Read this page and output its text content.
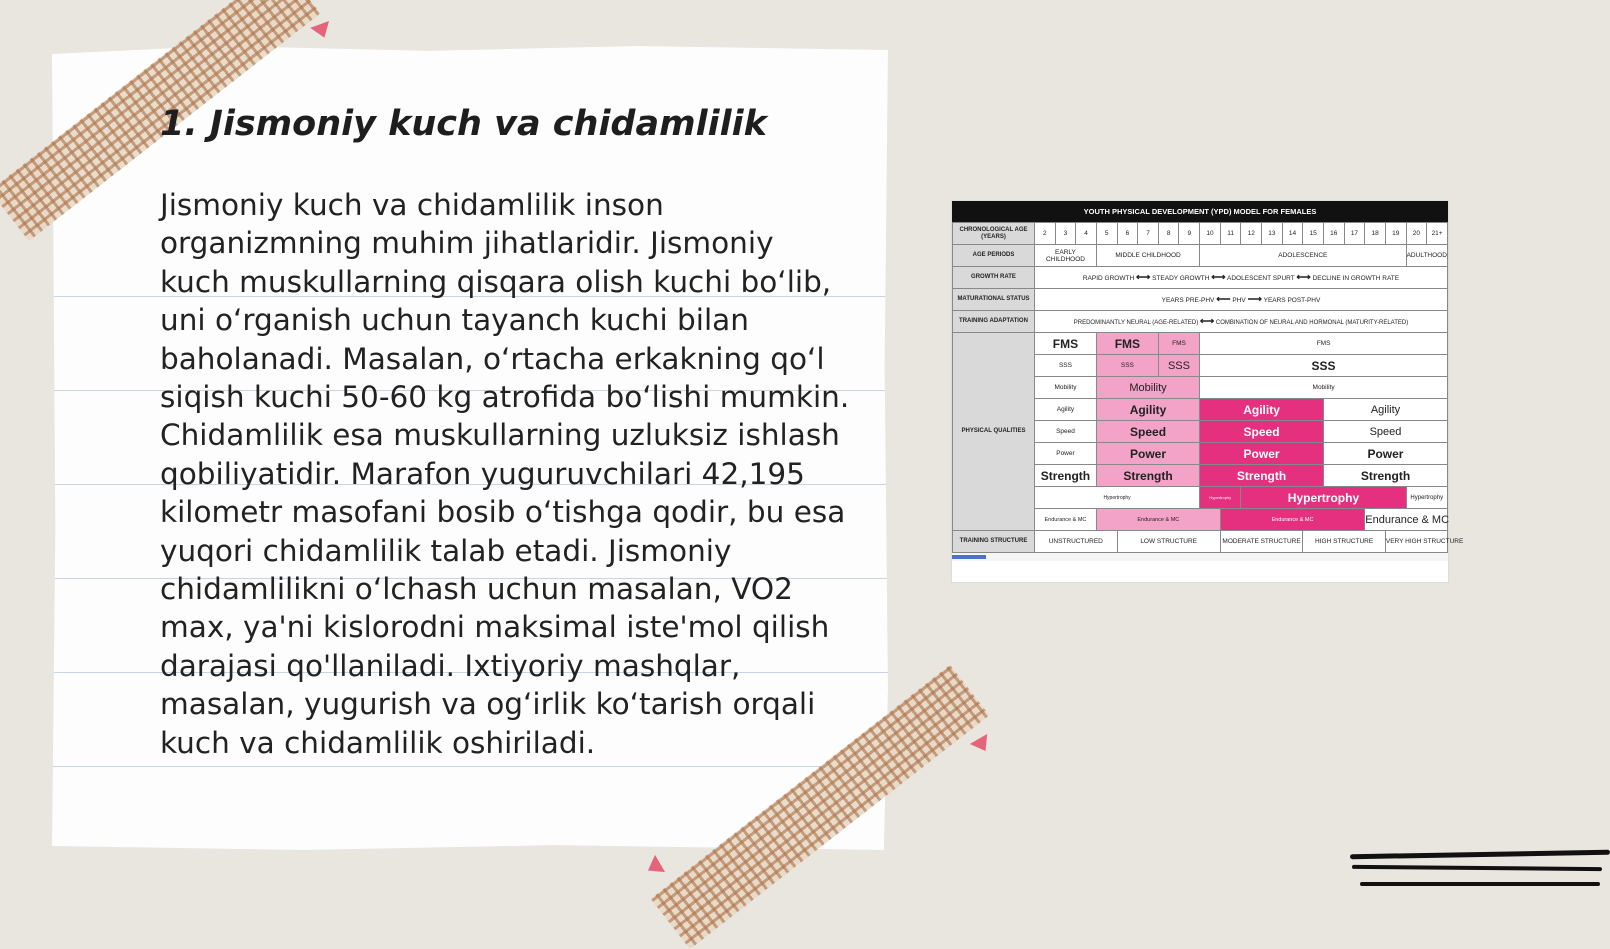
1. Jismoniy kuch va chidamlilik

Jismoniy kuch va chidamlilik inson organizmning muhim jihatlaridir. Jismoniy kuch muskullarning qisqara olish kuchi bo‘lib, uni o‘rganish uchun tayanch kuchi bilan baholanadi. Masalan, o‘rtacha erkakning qo‘l siqish kuchi 50-60 kg atrofida bo‘lishi mumkin. Chidamlilik esa muskullarning uzluksiz ishlash qobiliyatidir. Marafon yuguruvchilari 42,195 kilometr masofani bosib o‘tishga qodir, bu esa yuqori chidamlilik talab etadi. Jismoniy chidamlilikni o‘lchash uchun masalan, VO2 max, ya'ni kislorodni maksimal iste'mol qilish darajasi qo'llaniladi. Ixtiyoriy mashqlar, masalan, yugurish va og‘irlik ko‘tarish orqali kuch va chidamlilik oshiriladi.

YOUTH PHYSICAL DEVELOPMENT (YPD) MODEL FOR FEMALES
CHRONOLOGICAL AGE (YEARS)	2	3	4	5	6	7	8	9	10	11	12	13	14	15	16	17	18	19	20	21+
AGE PERIODS	EARLY CHILDHOOD			MIDDLE CHILDHOOD					ADOLESCENCE										ADULTHOOD	
GROWTH RATE	RAPID GROWTH ⟷ STEADY GROWTH ⟷ ADOLESCENT SPURT ⟷ DECLINE IN GROWTH RATE																			
MATURATIONAL STATUS	YEARS PRE-PHV ⟵ PHV ⟶ YEARS POST-PHV																			
TRAINING ADAPTATION	PREDOMINANTLY NEURAL (AGE-RELATED) ⟷ COMBINATION OF NEURAL AND HORMONAL (MATURITY-RELATED)																			
PHYSICAL QUALITIES	FMS			FMS			FMS		FMS											
	SSS			SSS			SSS		SSS											
	Mobility			Mobility					Mobility											
	Agility			Agility					Agility						Agility					
	Speed			Speed					Speed						Speed					
	Power			Power					Power						Power					
	Strength			Strength					Strength						Strength					
	Hypertrophy								Hypertrophy		Hypertrophy								Hypertrophy	
	Endurance & MC			Endurance & MC						Endurance & MC							Endurance & MC			
TRAINING STRUCTURE	UNSTRUCTURED				LOW STRUCTURE					MODERATE STRUCTURE				HIGH STRUCTURE				VERY HIGH STRUCTURE		
